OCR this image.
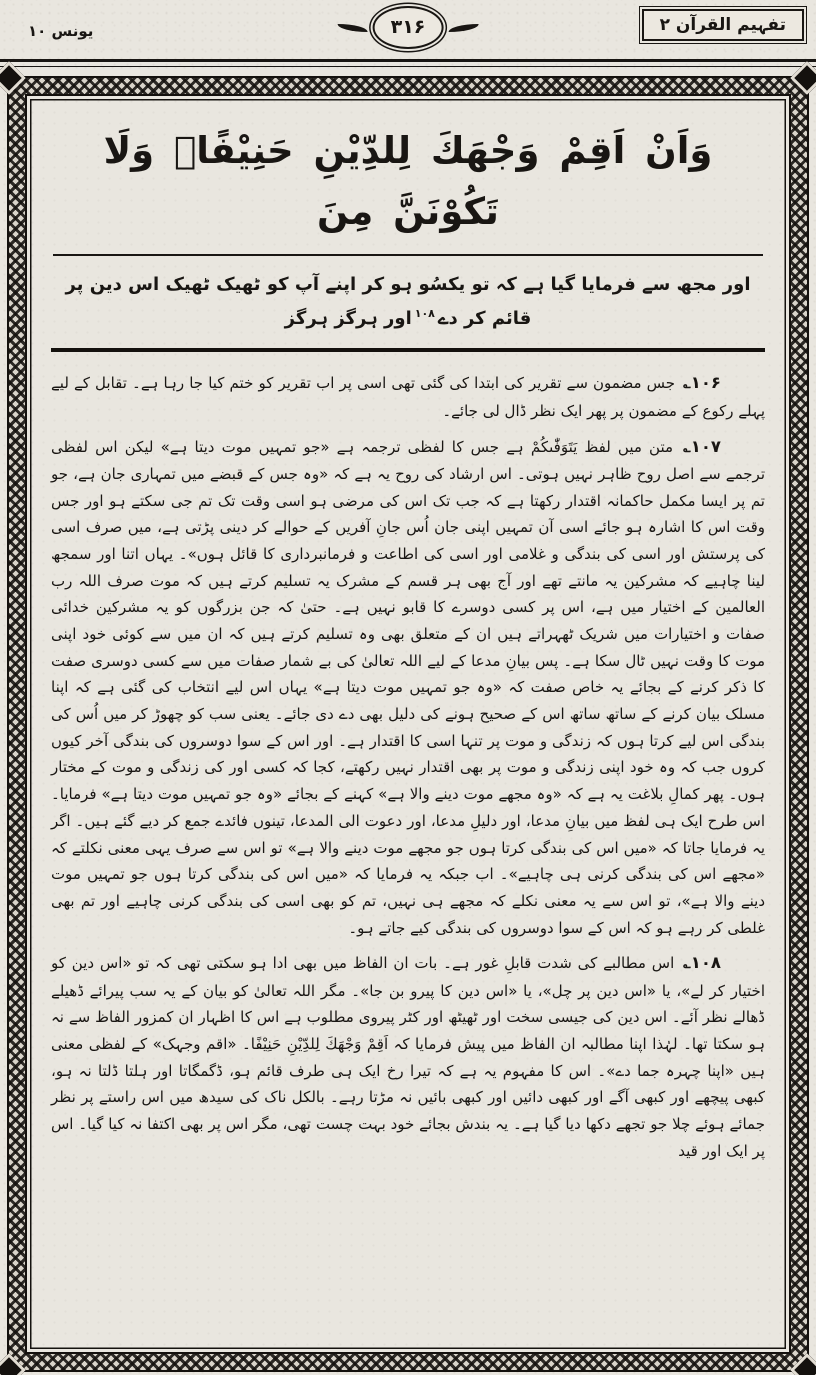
تفہیم القرآن ۲
۳۱۶
یونس ۱۰
وَاَنْ اَقِمْ وَجْهَكَ لِلدِّيْنِ حَنِيْفًاۚ وَلَا تَكُوْنَنَّ مِنَ

اور مجھ سے فرمایا گیا ہے کہ تو یکسُو ہو کر اپنے آپ کو ٹھیک ٹھیک اس دین پر قائم کر دے$^{۱۰۸}$اور ہرگز ہرگز

۱۰۶؎ جس مضمون سے تقریر کی ابتدا کی گئی تھی اسی پر اب تقریر کو ختم کیا جا رہا ہے۔ تقابل کے لیے پہلے رکوع کے مضمون پر پھر ایک نظر ڈال لی جائے۔

۱۰۷؎ متن میں لفظ يَتَوَفّٰىكُمْ ہے جس کا لفظی ترجمہ ہے «جو تمہیں موت دیتا ہے» لیکن اس لفظی ترجمے سے اصل روح ظاہر نہیں ہوتی۔ اس ارشاد کی روح یہ ہے کہ «وہ جس کے قبضے میں تمہاری جان ہے، جو تم پر ایسا مکمل حاکمانہ اقتدار رکھتا ہے کہ جب تک اس کی مرضی ہو اسی وقت تک تم جی سکتے ہو اور جس وقت اس کا اشارہ ہو جائے اسی آن تمہیں اپنی جان اُس جانِ آفریں کے حوالے کر دینی پڑتی ہے، میں صرف اسی کی پرستش اور اسی کی بندگی و غلامی اور اسی کی اطاعت و فرمانبرداری کا قائل ہوں»۔ یہاں اتنا اور سمجھ لینا چاہیے کہ مشرکین یہ مانتے تھے اور آج بھی ہر قسم کے مشرک یہ تسلیم کرتے ہیں کہ موت صرف اللہ رب العالمین کے اختیار میں ہے، اس پر کسی دوسرے کا قابو نہیں ہے۔ حتیٰ کہ جن بزرگوں کو یہ مشرکین خدائی صفات و اختیارات میں شریک ٹھہراتے ہیں ان کے متعلق بھی وہ تسلیم کرتے ہیں کہ ان میں سے کوئی خود اپنی موت کا وقت نہیں ٹال سکا ہے۔ پس بیانِ مدعا کے لیے اللہ تعالیٰ کی بے شمار صفات میں سے کسی دوسری صفت کا ذکر کرنے کے بجائے یہ خاص صفت کہ «وہ جو تمہیں موت دیتا ہے» یہاں اس لیے انتخاب کی گئی ہے کہ اپنا مسلک بیان کرنے کے ساتھ ساتھ اس کے صحیح ہونے کی دلیل بھی دے دی جائے۔ یعنی سب کو چھوڑ کر میں اُس کی بندگی اس لیے کرتا ہوں کہ زندگی و موت پر تنہا اسی کا اقتدار ہے۔ اور اس کے سوا دوسروں کی بندگی آخر کیوں کروں جب کہ وہ خود اپنی زندگی و موت پر بھی اقتدار نہیں رکھتے، کجا کہ کسی اور کی زندگی و موت کے مختار ہوں۔ پھر کمالِ بلاغت یہ ہے کہ «وہ مجھے موت دینے والا ہے» کہنے کے بجائے «وہ جو تمہیں موت دیتا ہے» فرمایا۔ اس طرح ایک ہی لفظ میں بیانِ مدعا، اور دلیلِ مدعا، اور دعوت الی المدعا، تینوں فائدے جمع کر دیے گئے ہیں۔ اگر یہ فرمایا جاتا کہ «میں اس کی بندگی کرتا ہوں جو مجھے موت دینے والا ہے» تو اس سے صرف یہی معنی نکلتے کہ «مجھے اس کی بندگی کرنی ہی چاہیے»۔ اب جبکہ یہ فرمایا کہ «میں اس کی بندگی کرتا ہوں جو تمہیں موت دینے والا ہے»، تو اس سے یہ معنی نکلے کہ مجھے ہی نہیں، تم کو بھی اسی کی بندگی کرنی چاہیے اور تم بھی غلطی کر رہے ہو کہ اس کے سوا دوسروں کی بندگی کیے جاتے ہو۔

۱۰۸؎ اس مطالبے کی شدت قابلِ غور ہے۔ بات ان الفاظ میں بھی ادا ہو سکتی تھی کہ تو «اس دین کو اختیار کر لے»، یا «اس دین پر چل»، یا «اس دین کا پیرو بن جا»۔ مگر اللہ تعالیٰ کو بیان کے یہ سب پیرائے ڈھیلے ڈھالے نظر آئے۔ اس دین کی جیسی سخت اور ٹھیٹھ اور کٹر پیروی مطلوب ہے اس کا اظہار ان کمزور الفاظ سے نہ ہو سکتا تھا۔ لہٰذا اپنا مطالبہ ان الفاظ میں پیش فرمایا کہ اَقِمْ وَجْهَكَ لِلدِّيْنِ حَنِيْفًا۔ «اقم وجہک» کے لفظی معنی ہیں «اپنا چہرہ جما دے»۔ اس کا مفہوم یہ ہے کہ تیرا رخ ایک ہی طرف قائم ہو، ڈگمگاتا اور ہلتا ڈلتا نہ ہو، کبھی پیچھے اور کبھی آگے اور کبھی دائیں اور کبھی بائیں نہ مڑتا رہے۔ بالکل ناک کی سیدھ میں اس راستے پر نظر جمائے ہوئے چلا جو تجھے دکھا دیا گیا ہے۔ یہ بندش بجائے خود بہت چست تھی، مگر اس پر بھی اکتفا نہ کیا گیا۔ اس پر ایک اور قید
